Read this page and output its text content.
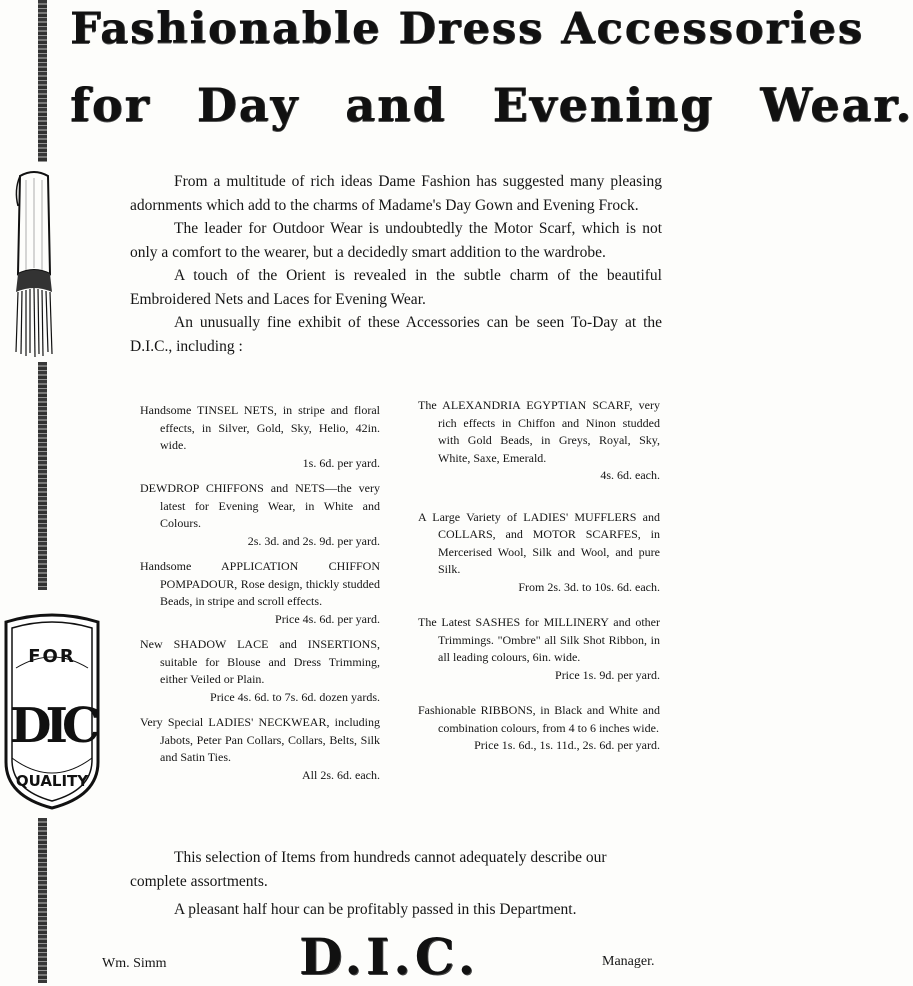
Fashionable Dress Accessories
for Day and Evening Wear.

From a multitude of rich ideas Dame Fashion has suggested many pleasing adornments which add to the charms of Madame's Day Gown and Evening Frock.

The leader for Outdoor Wear is undoubtedly the Motor Scarf, which is not only a comfort to the wearer, but a decidedly smart addition to the wardrobe.

A touch of the Orient is revealed in the subtle charm of the beautiful Embroidered Nets and Laces for Evening Wear.

An unusually fine exhibit of these Accessories can be seen To-Day at the D.I.C., including :

Handsome TINSEL NETS, in stripe and floral effects, in Silver, Gold, Sky, Helio, 42in. wide.
1s. 6d. per yard.
DEWDROP CHIFFONS and NETS—the very latest for Evening Wear, in White and Colours.
2s. 3d. and 2s. 9d. per yard.
Handsome APPLICATION CHIFFON POMPADOUR, Rose design, thickly studded Beads, in stripe and scroll effects.
Price 4s. 6d. per yard.
New SHADOW LACE and INSERTIONS, suitable for Blouse and Dress Trimming, either Veiled or Plain.
Price 4s. 6d. to 7s. 6d. dozen yards.
Very Special LADIES' NECKWEAR, including Jabots, Peter Pan Collars, Collars, Belts, Silk and Satin Ties.
All 2s. 6d. each.
The ALEXANDRIA EGYPTIAN SCARF, very rich effects in Chiffon and Ninon studded with Gold Beads, in Greys, Royal, Sky, White, Saxe, Emerald.
4s. 6d. each.
A Large Variety of LADIES' MUFFLERS and COLLARS, and MOTOR SCARFES, in Mercerised Wool, Silk and Wool, and pure Silk.
From 2s. 3d. to 10s. 6d. each.
The Latest SASHES for MILLINERY and other Trimmings. "Ombre" all Silk Shot Ribbon, in all leading colours, 6in. wide.
Price 1s. 9d. per yard.
Fashionable RIBBONS, in Black and White and combination colours, from 4 to 6 inches wide.
Price 1s. 6d., 1s. 11d., 2s. 6d. per yard.
FOR
DIC
QUALITY

This selection of Items from hundreds cannot adequately describe our complete assortments.

A pleasant half hour can be profitably passed in this Department.

Wm. Simm	D.I.C.	Manager.
